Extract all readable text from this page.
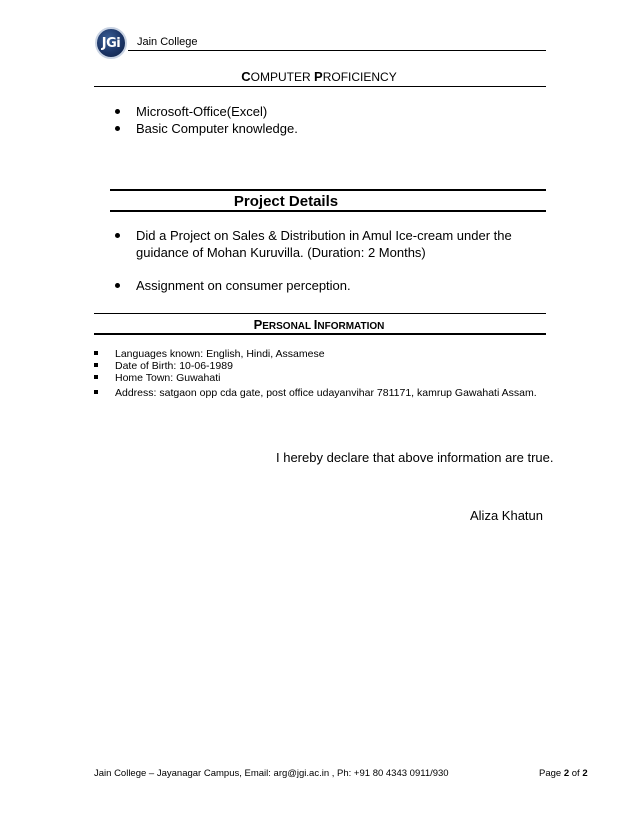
JGi Jain College
COMPUTER PROFICIENCY
Microsoft-Office(Excel)
Basic Computer knowledge.
Project Details
Did a Project on Sales & Distribution in Amul Ice-cream under the guidance of Mohan Kuruvilla. (Duration: 2 Months)
Assignment on consumer perception.
PERSONAL INFORMATION
Languages known: English, Hindi, Assamese
Date of Birth: 10-06-1989
Home Town: Guwahati
Address: satgaon opp cda gate, post office udayanvihar 781171, kamrup Gawahati Assam.
I hereby declare that above information are true.
Aliza Khatun
Jain College – Jayanagar Campus, Email: arg@jgi.ac.in , Ph: +91 80 4343 0911/930	Page 2 of 2
